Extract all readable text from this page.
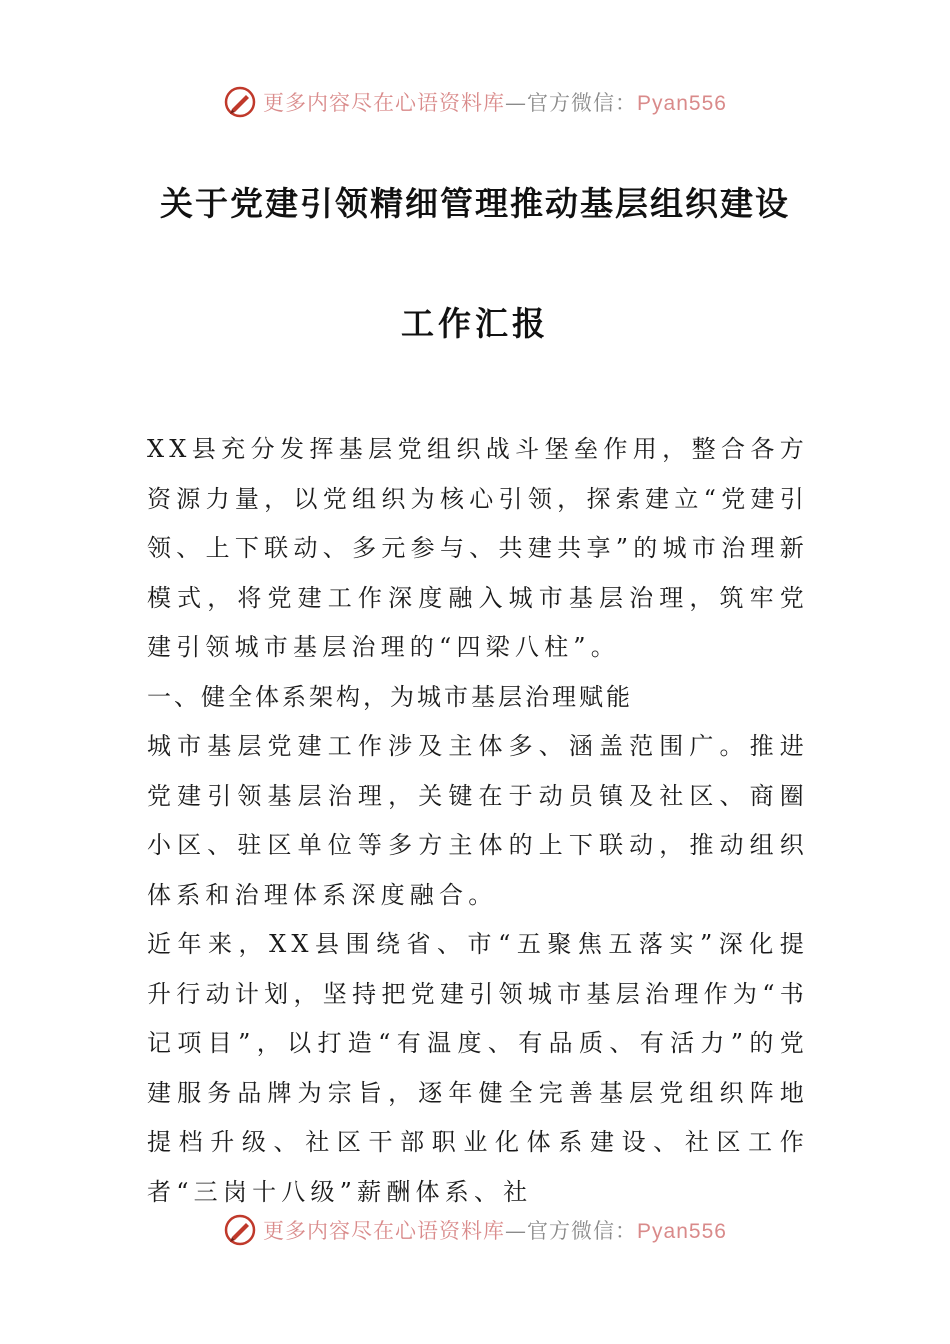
更多内容尽在心语资料库—官方微信：Pyan556
关于党建引领精细管理推动基层组织建设
工作汇报

XX县充分发挥基层党组织战斗堡垒作用，整合各方资源力量，以党组织为核心引领，探索建立“党建引领、上下联动、多元参与、共建共享”的城市治理新模式，将党建工作深度融入城市基层治理，筑牢党建引领城市基层治理的“四梁八柱”。

一、健全体系架构，为城市基层治理赋能

城市基层党建工作涉及主体多、涵盖范围广。推进党建引领基层治理，关键在于动员镇及社区、商圈小区、驻区单位等多方主体的上下联动，推动组织体系和治理体系深度融合。

近年来，XX县围绕省、市“五聚焦五落实”深化提升行动计划，坚持把党建引领城市基层治理作为“书记项目”，以打造“有温度、有品质、有活力”的党建服务品牌为宗旨，逐年健全完善基层党组织阵地提档升级、社区干部职业化体系建设、社区工作者“三岗十八级”薪酬体系、社

更多内容尽在心语资料库—官方微信：Pyan556
